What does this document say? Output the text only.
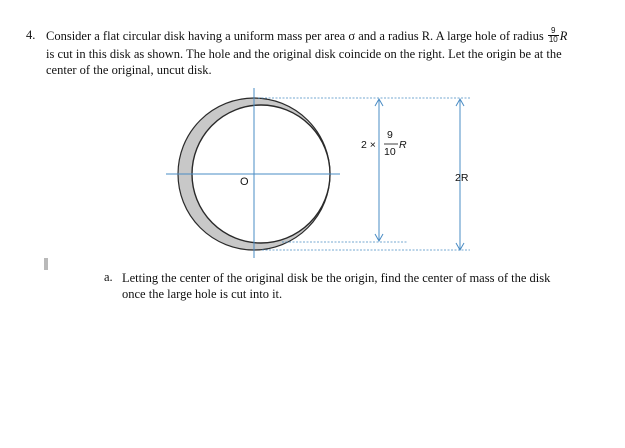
4. Consider a flat circular disk having a uniform mass per area σ and a radius R. A large hole of radius $\frac{9}{10}$ R
is cut in this disk as shown. The hole and the original disk coincide on the right. Let the origin be at the
center of the original, uncut disk.
O
2 ×
9
10
R
2R
a. Letting the center of the original disk be the origin, find the center of mass of the disk
once the large hole is cut into it.
